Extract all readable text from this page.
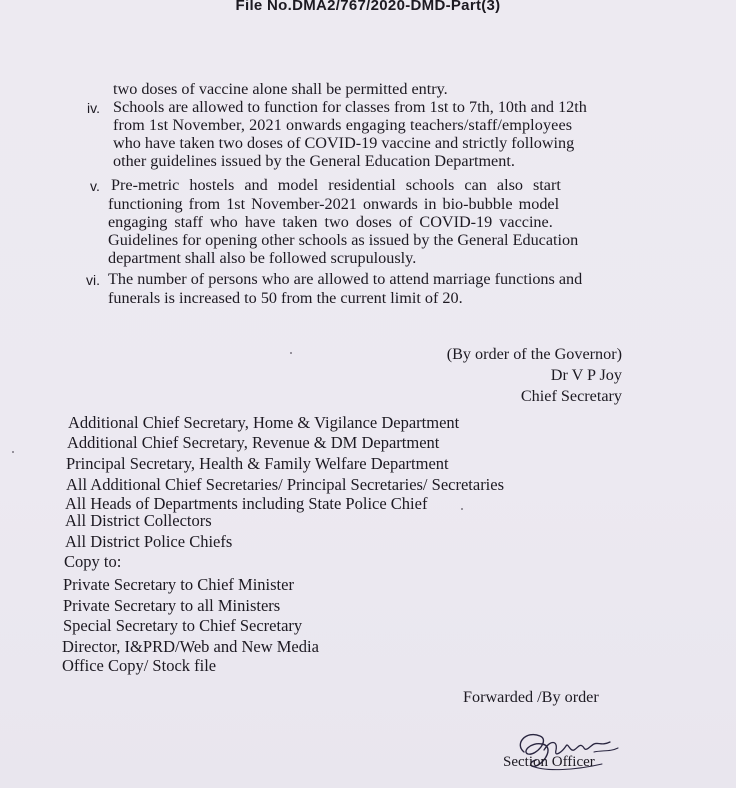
File No.DMA2/767/2020-DMD-Part(3)
two doses of vaccine alone shall be permitted entry.
iv. Schools are allowed to function for classes from 1st to 7th, 10th and 12th
from 1st November, 2021 onwards engaging teachers/staff/employees
who have taken two doses of COVID-19 vaccine and strictly following
other guidelines issued by the General Education Department.
v. Pre-metric hostels and model residential schools can also start
functioning from 1st November-2021 onwards in bio-bubble model
engaging staff who have taken two doses of COVID-19 vaccine.
Guidelines for opening other schools as issued by the General Education
department shall also be followed scrupulously.
vi. The number of persons who are allowed to attend marriage functions and
funerals is increased to 50 from the current limit of 20.
(By order of the Governor)
Dr V P Joy
Chief Secretary
Additional Chief Secretary, Home & Vigilance Department
Additional Chief Secretary, Revenue & DM Department
Principal Secretary, Health & Family Welfare Department
All Additional Chief Secretaries/ Principal Secretaries/ Secretaries
All Heads of Departments including State Police Chief
All District Collectors
All District Police Chiefs
Copy to:
Private Secretary to Chief Minister
Private Secretary to all Ministers
Special Secretary to Chief Secretary
Director, I&PRD/Web and New Media
Office Copy/ Stock file
Forwarded /By order
Section Officer
